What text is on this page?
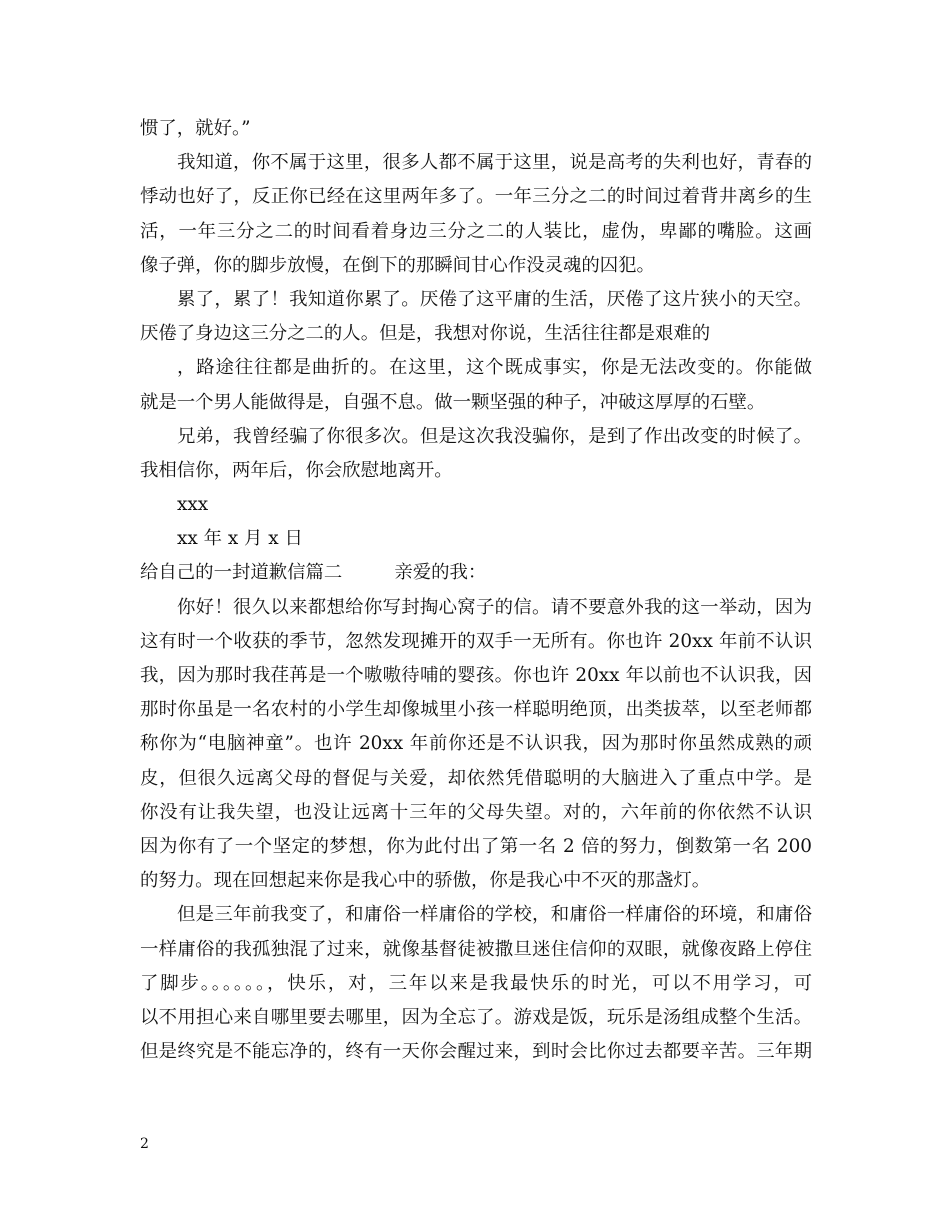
惯了，就好。”
我知道，你不属于这里，很多人都不属于这里，说是高考的失利也好，青春的
悸动也好了，反正你已经在这里两年多了。一年三分之二的时间过着背井离乡的生
活，一年三分之二的时间看着身边三分之二的人装比，虚伪，卑鄙的嘴脸。这画
像子弹，你的脚步放慢，在倒下的那瞬间甘心作没灵魂的囚犯。
累了，累了！我知道你累了。厌倦了这平庸的生活，厌倦了这片狭小的天空。
厌倦了身边这三分之二的人。但是，我想对你说，生活往往都是艰难的
，路途往往都是曲折的。在这里，这个既成事实，你是无法改变的。你能做
就是一个男人能做得是，自强不息。做一颗坚强的种子，冲破这厚厚的石壁。
兄弟，我曾经骗了你很多次。但是这次我没骗你，是到了作出改变的时候了。
我相信你，两年后，你会欣慰地离开。
xxx
xx 年 x 月 x 日
给自己的一封道歉信篇二	亲爱的我：
你好！很久以来都想给你写封掏心窝子的信。请不要意外我的这一举动，因为
这有时一个收获的季节，忽然发现摊开的双手一无所有。你也许 20xx 年前不认识
我，因为那时我荏苒是一个嗷嗷待哺的婴孩。你也许 20xx 年以前也不认识我，因
那时你虽是一名农村的小学生却像城里小孩一样聪明绝顶，出类拔萃，以至老师都
称你为“电脑神童”。也许 20xx 年前你还是不认识我，因为那时你虽然成熟的顽
皮，但很久远离父母的督促与关爱，却依然凭借聪明的大脑进入了重点中学。是
你没有让我失望，也没让远离十三年的父母失望。对的，六年前的你依然不认识
因为你有了一个坚定的梦想，你为此付出了第一名 2 倍的努力，倒数第一名 200
的努力。现在回想起来你是我心中的骄傲，你是我心中不灭的那盏灯。
但是三年前我变了，和庸俗一样庸俗的学校，和庸俗一样庸俗的环境，和庸俗
一样庸俗的我孤独混了过来，就像基督徒被撒旦迷住信仰的双眼，就像夜路上停住
了脚步。。。。。。，快乐，对，三年以来是我最快乐的时光，可以不用学习，可
以不用担心来自哪里要去哪里，因为全忘了。游戏是饭，玩乐是汤组成整个生活。
但是终究是不能忘净的，终有一天你会醒过来，到时会比你过去都要辛苦。三年期
2
